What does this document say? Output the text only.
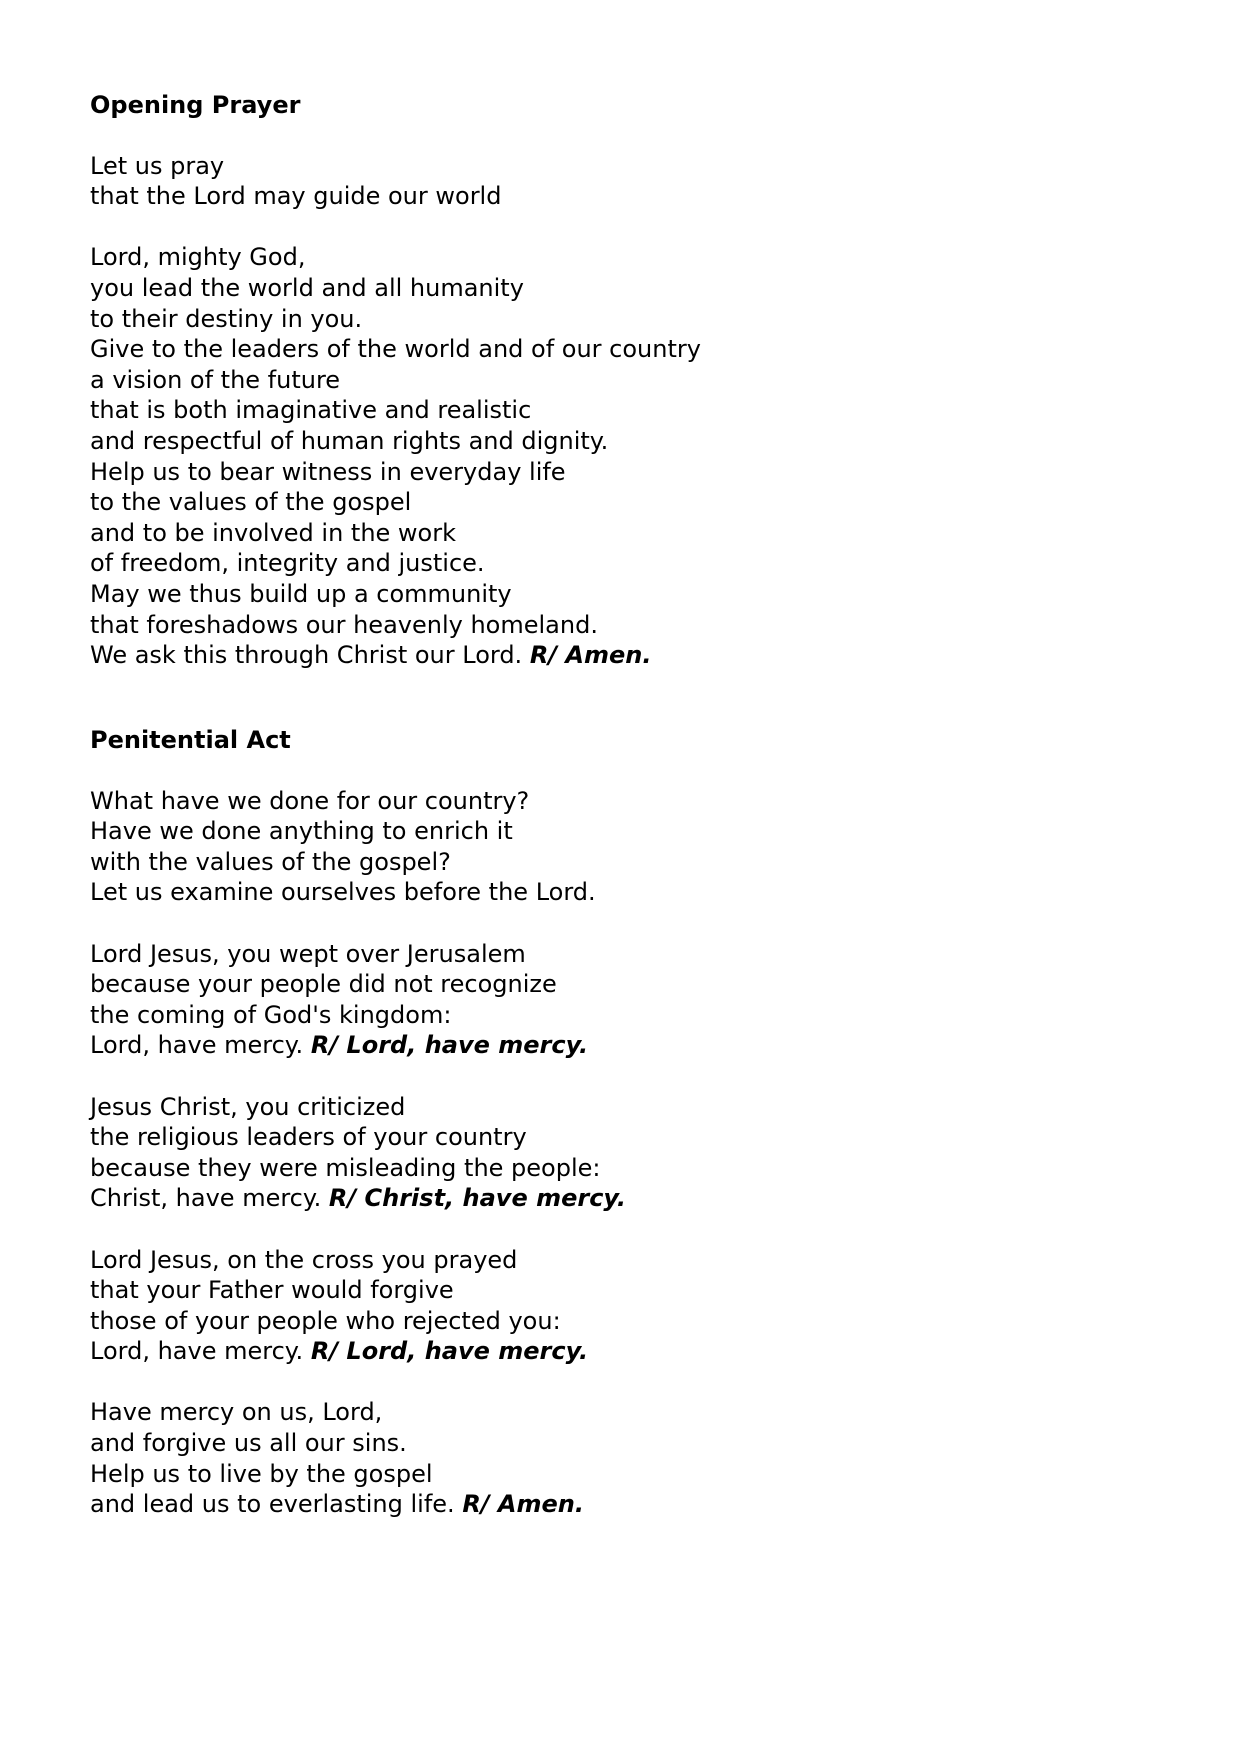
Opening Prayer
Let us pray
that the Lord may guide our world
Lord, mighty God,
you lead the world and all humanity
to their destiny in you.
Give to the leaders of the world and of our country
a vision of the future
that is both imaginative and realistic
and respectful of human rights and dignity.
Help us to bear witness in everyday life
to the values of the gospel
and to be involved in the work
of freedom, integrity and justice.
May we thus build up a community
that foreshadows our heavenly homeland.
We ask this through Christ our Lord. R/ Amen.
Penitential Act
What have we done for our country?
Have we done anything to enrich it
with the values of the gospel?
Let us examine ourselves before the Lord.
Lord Jesus, you wept over Jerusalem
because your people did not recognize
the coming of God's kingdom:
Lord, have mercy. R/ Lord, have mercy.
Jesus Christ, you criticized
the religious leaders of your country
because they were misleading the people:
Christ, have mercy. R/ Christ, have mercy.
Lord Jesus, on the cross you prayed
that your Father would forgive
those of your people who rejected you:
Lord, have mercy. R/ Lord, have mercy.
Have mercy on us, Lord,
and forgive us all our sins.
Help us to live by the gospel
and lead us to everlasting life. R/ Amen.
